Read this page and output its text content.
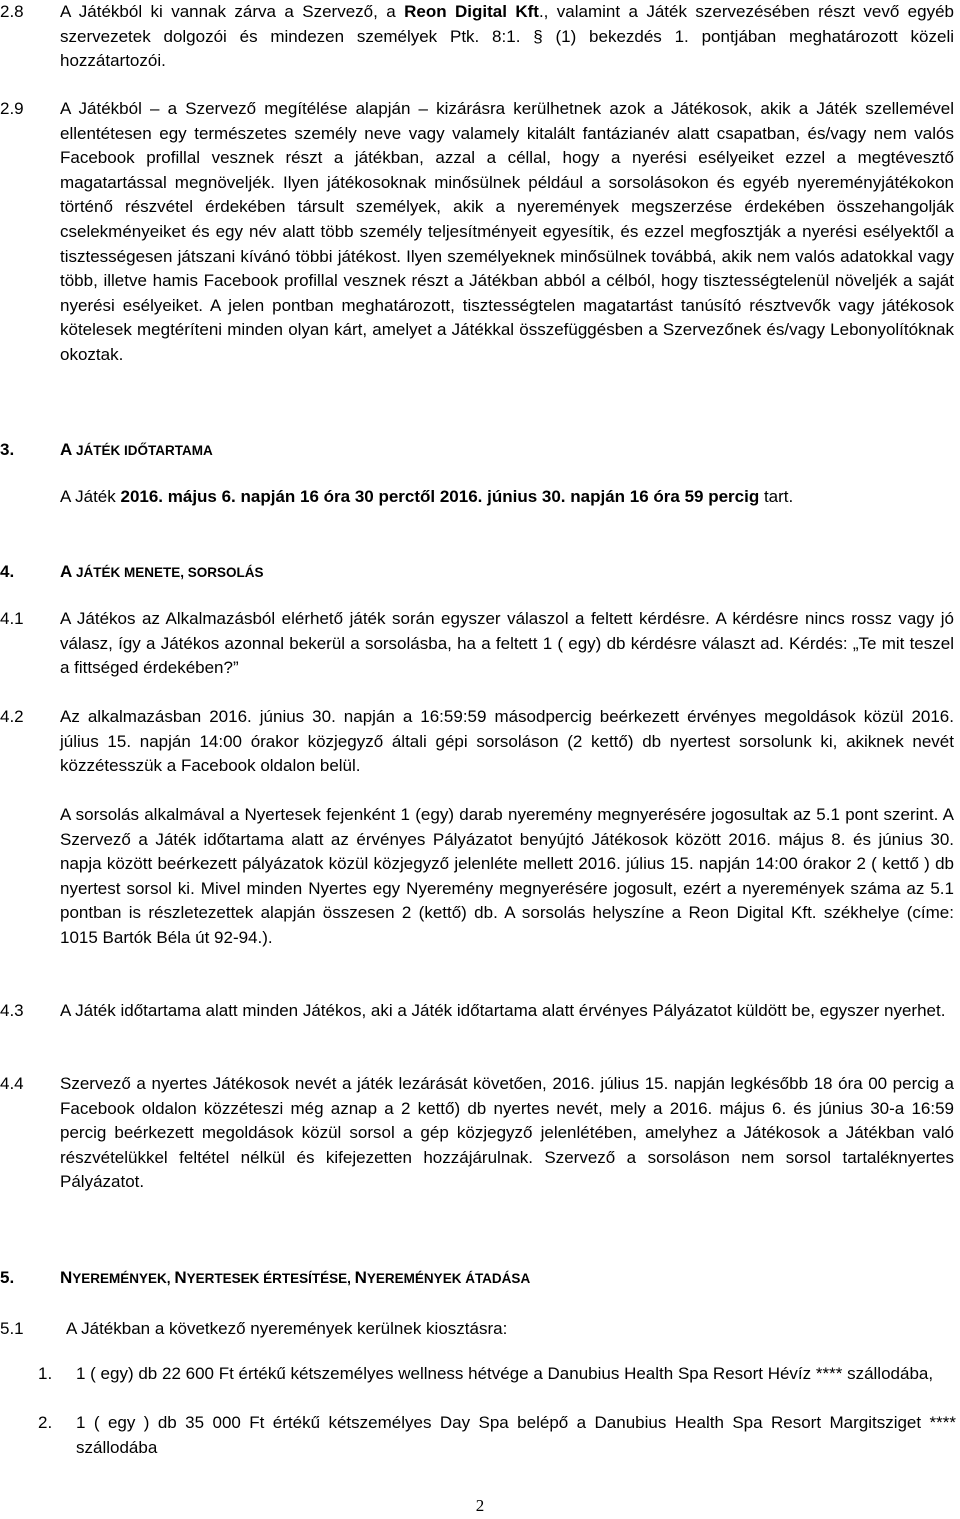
2.8 A Játékból ki vannak zárva a Szervező, a Reon Digital Kft., valamint a Játék szervezésében részt vevő egyéb szervezetek dolgozói és mindezen személyek Ptk. 8:1. § (1) bekezdés 1. pontjában meghatározott közeli hozzátartozói.
2.9 A Játékból – a Szervező megítélése alapján – kizárásra kerülhetnek azok a Játékosok, akik a Játék szellemével ellentétesen egy természetes személy neve vagy valamely kitalált fantázianév alatt csapatban, és/vagy nem valós Facebook profillal vesznek részt a játékban, azzal a céllal, hogy a nyerési esélyeiket ezzel a megtévesztő magatartással megnöveljék. Ilyen játékosoknak minősülnek például a sorsolásokon és egyéb nyereményjátékokon történő részvétel érdekében társult személyek, akik a nyeremények megszerzése érdekében összehangolják cselekményeiket és egy név alatt több személy teljesítményeit egyesítik, és ezzel megfosztják a nyerési esélyektől a tisztességesen játszani kívánó többi játékost. Ilyen személyeknek minősülnek továbbá, akik nem valós adatokkal vagy több, illetve hamis Facebook profillal vesznek részt a Játékban abból a célból, hogy tisztességtelenül növeljék a saját nyerési esélyeiket. A jelen pontban meghatározott, tisztességtelen magatartást tanúsító résztvevők vagy játékosok kötelesek megtéríteni minden olyan kárt, amelyet a Játékkal összefüggésben a Szervezőnek és/vagy Lebonyolítóknak okoztak.
3.	A JÁTÉK IDŐTARTAMA
A Játék 2016. május 6. napján 16 óra 30 perctől 2016. június 30. napján 16 óra 59 percig tart.
4.	A JÁTÉK MENETE, SORSOLÁS
4.1 A Játékos az Alkalmazásból elérhető játék során egyszer válaszol a feltett kérdésre. A kérdésre nincs rossz vagy jó válasz, így a Játékos azonnal bekerül a sorsolásba, ha a feltett 1 ( egy) db kérdésre választ ad. Kérdés: „Te mit teszel a fittséged érdekében?”
4.2 Az alkalmazásban 2016. június 30. napján a 16:59:59 másodpercig beérkezett érvényes megoldások közül 2016. július 15. napján 14:00 órakor közjegyző általi gépi sorsoláson (2 kettő) db nyertest sorsolunk ki, akiknek nevét közzétesszük a Facebook oldalon belül.
A sorsolás alkalmával a Nyertesek fejenként 1 (egy) darab nyeremény megnyerésére jogosultak az 5.1 pont szerint. A Szervező a Játék időtartama alatt az érvényes Pályázatot benyújtó Játékosok között 2016. május 8. és június 30. napja között beérkezett pályázatok közül közjegyző jelenléte mellett 2016. július 15. napján 14:00 órakor 2 ( kettő ) db nyertest sorsol ki. Mivel minden Nyertes egy Nyeremény megnyerésére jogosult, ezért a nyeremények száma az 5.1 pontban is részletezettek alapján összesen 2 (kettő) db. A sorsolás helyszíne a Reon Digital Kft. székhelye (címe: 1015 Bartók Béla út 92-94.).
4.3 A Játék időtartama alatt minden Játékos, aki a Játék időtartama alatt érvényes Pályázatot küldött be, egyszer nyerhet.
4.4 Szervező a nyertes Játékosok nevét a játék lezárását követően, 2016. július 15. napján legkésőbb 18 óra 00 percig a Facebook oldalon közzéteszi még aznap a 2 kettő) db nyertes nevét, mely a 2016. május 6. és június 30-a 16:59 percig beérkezett megoldások közül sorsol a gép közjegyző jelenlétében, amelyhez a Játékosok a Játékban való részvételükkel feltétel nélkül és kifejezetten hozzájárulnak. Szervező a sorsoláson nem sorsol tartaléknyertes Pályázatot.
5.	NYEREMÉNYEK, NYERTESEK ÉRTESÍTÉSE, NYEREMÉNYEK ÁTADÁSA
5.1 A Játékban a következő nyeremények kerülnek kiosztásra:
1. 1 ( egy) db 22 600 Ft értékű kétszemélyes wellness hétvége a Danubius Health Spa Resort Hévíz **** szállodába,
2. 1 ( egy ) db 35 000 Ft értékű kétszemélyes Day Spa belépő a Danubius Health Spa Resort Margitsziget **** szállodába
2
